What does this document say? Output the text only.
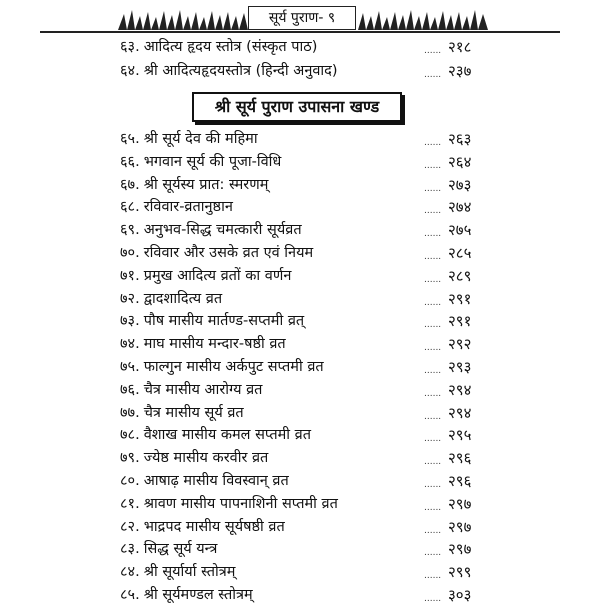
सूर्य पुराण- ९
६३. आदित्य हृदय स्तोत्र (संस्कृत पाठ)	...... २१८
६४. श्री आदित्यहृदयस्तोत्र (हिन्दी अनुवाद)	...... २३७
श्री सूर्य पुराण उपासना खण्ड
६५. श्री सूर्य देव की महिमा	...... २६३
६६. भगवान सूर्य की पूजा-विधि	...... २६४
६७. श्री सूर्यस्य प्रात: स्मरणम्	...... २७३
६८. रविवार-व्रतानुष्ठान	...... २७४
६९. अनुभव-सिद्ध चमत्कारी सूर्यव्रत	...... २७५
७०. रविवार और उसके व्रत एवं नियम	...... २८५
७१. प्रमुख आदित्य व्रतों का वर्णन	...... २८९
७२. द्वादशादित्य व्रत	...... २९१
७३. पौष मासीय मार्तण्ड-सप्तमी व्रत्	...... २९१
७४. माघ मासीय मन्दार-षष्ठी व्रत	...... २९२
७५. फाल्गुन मासीय अर्कपुट सप्तमी व्रत	...... २९३
७६. चैत्र मासीय आरोग्य व्रत	...... २९४
७७. चैत्र मासीय सूर्य व्रत	...... २९४
७८. वैशाख मासीय कमल सप्तमी व्रत	...... २९५
७९. ज्येष्ठ मासीय करवीर व्रत	...... २९६
८०. आषाढ़ मासीय विवस्वान् व्रत	...... २९६
८१. श्रावण मासीय पापनाशिनी सप्तमी व्रत	...... २९७
८२. भाद्रपद मासीय सूर्यषष्ठी व्रत	...... २९७
८३. सिद्ध सूर्य यन्त्र	...... २९७
८४. श्री सूर्यार्या स्तोत्रम्	...... २९९
८५. श्री सूर्यमण्डल स्तोत्रम्	...... ३०३
